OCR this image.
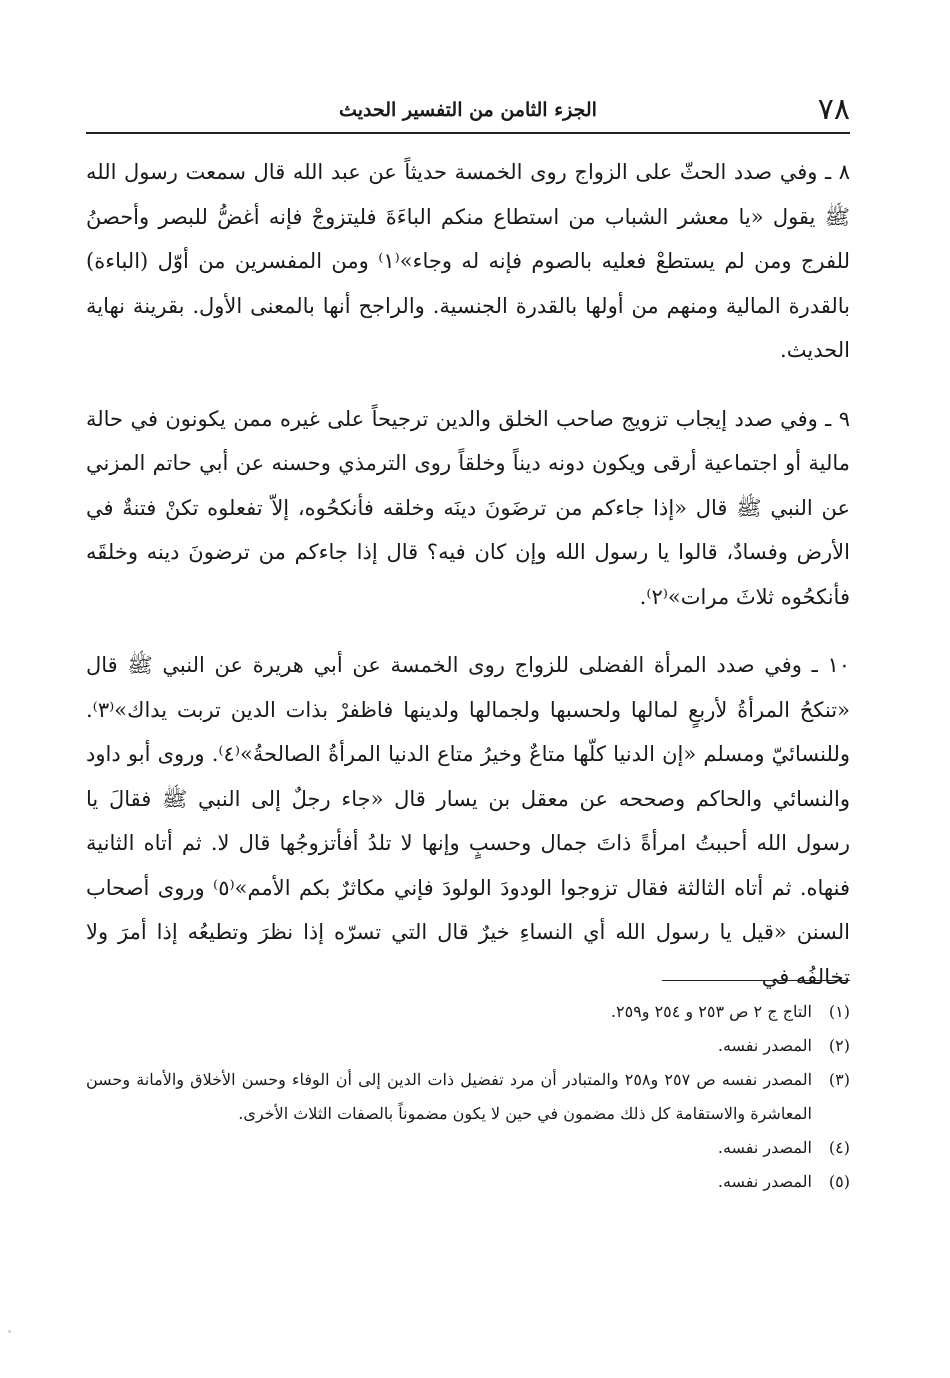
٧٨
الجزء الثامن من التفسير الحديث

٨ ـ وفي صدد الحثّ على الزواج روى الخمسة حديثاً عن عبد الله قال سمعت رسول الله ﷺ يقول «يا معشر الشباب من استطاع منكم الباءَةَ فليتزوجْ فإنه أغضُّ للبصر وأحصنُ للفرج ومن لم يستطعْ فعليه بالصوم فإنه له وجاء»⁽١⁾ ومن المفسرين من أوّل (الباءة) بالقدرة المالية ومنهم من أولها بالقدرة الجنسية. والراجح أنها بالمعنى الأول. بقرينة نهاية الحديث.

٩ ـ وفي صدد إيجاب تزويج صاحب الخلق والدين ترجيحاً على غيره ممن يكونون في حالة مالية أو اجتماعية أرقى ويكون دونه ديناً وخلقاً روى الترمذي وحسنه عن أبي حاتم المزني عن النبي ﷺ قال «إذا جاءكم من ترضَونَ دينَه وخلقه فأنكحُوه، إلاّ تفعلوه تكنْ فتنةٌ في الأرض وفسادٌ، قالوا يا رسول الله وإن كان فيه؟ قال إذا جاءكم من ترضونَ دينه وخلقَه فأنكحُوه ثلاثَ مرات»⁽٢⁾.

١٠ ـ وفي صدد المرأة الفضلى للزواج روى الخمسة عن أبي هريرة عن النبي ﷺ قال «تنكحُ المرأةُ لأربعٍ لمالها ولحسبها ولجمالها ولدينها فاظفرْ بذات الدين تربت يداك»⁽٣⁾. وللنسائيّ ومسلم «إن الدنيا كلّها متاعٌ وخيرُ متاع الدنيا المرأةُ الصالحةُ»⁽٤⁾. وروى أبو داود والنسائي والحاكم وصححه عن معقل بن يسار قال «جاء رجلٌ إلى النبي ﷺ فقالَ يا رسول الله أحببتُ امرأةً ذاتَ جمال وحسبٍ وإنها لا تلدُ أفأتزوجُها قال لا. ثم أتاه الثانية فنهاه. ثم أتاه الثالثة فقال تزوجوا الودودَ الولودَ فإني مكاثرٌ بكم الأمم»⁽٥⁾ وروى أصحاب السنن «قيل يا رسول الله أي النساءِ خيرٌ قال التي تسرّه إذا نظرَ وتطيعُه إذا أمرَ ولا تخالفُه في

(١)
التاج ج ٢ ص ٢٥٣ و ٢٥٤ و٢٥٩.
(٢)
المصدر نفسه.
(٣)
المصدر نفسه ص ٢٥٧ و٢٥٨ والمتبادر أن مرد تفضيل ذات الدين إلى أن الوفاء وحسن الأخلاق والأمانة وحسن المعاشرة والاستقامة كل ذلك مضمون في حين لا يكون مضموناً بالصفات الثلاث الأخرى.
(٤)
المصدر نفسه.
(٥)
المصدر نفسه.
